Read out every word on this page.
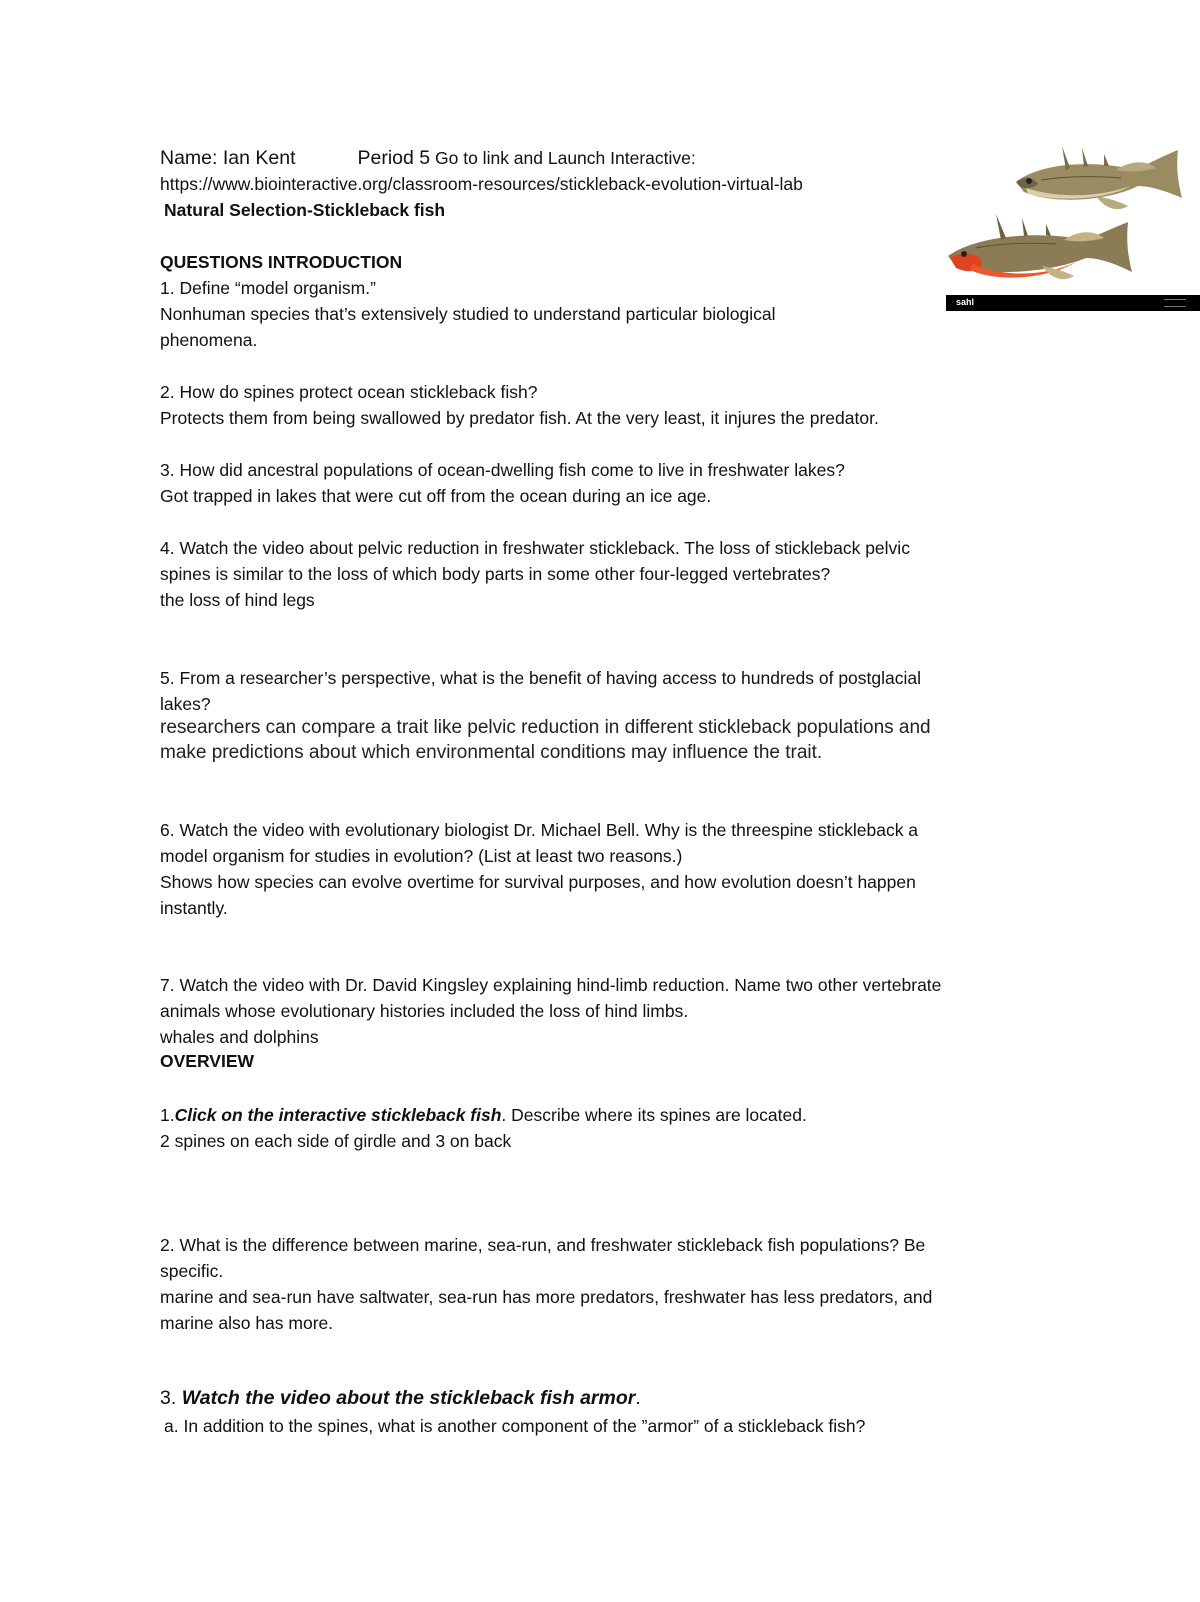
Name: Ian Kent	Period 5 Go to link and Launch Interactive:
https://www.biointeractive.org/classroom-resources/stickleback-evolution-virtual-lab
Natural Selection-Stickleback fish
sahl
QUESTIONS INTRODUCTION
1. Define “model organism.”
Nonhuman species that’s extensively studied to understand particular biological
phenomena.
2. How do spines protect ocean stickleback fish?
Protects them from being swallowed by predator fish. At the very least, it injures the predator.
3. How did ancestral populations of ocean-dwelling fish come to live in freshwater lakes?
Got trapped in lakes that were cut off from the ocean during an ice age.
4. Watch the video about pelvic reduction in freshwater stickleback. The loss of stickleback pelvic
spines is similar to the loss of which body parts in some other four-legged vertebrates?
the loss of hind legs
5. From a researcher’s perspective, what is the benefit of having access to hundreds of postglacial
lakes?
researchers can compare a trait like pelvic reduction in different stickleback populations and
make predictions about which environmental conditions may influence the trait.
6. Watch the video with evolutionary biologist Dr. Michael Bell. Why is the threespine stickleback a
model organism for studies in evolution? (List at least two reasons.)
Shows how species can evolve overtime for survival purposes, and how evolution doesn’t happen
instantly.
7. Watch the video with Dr. David Kingsley explaining hind-limb reduction. Name two other vertebrate
animals whose evolutionary histories included the loss of hind limbs.
whales and dolphins
OVERVIEW
1.Click on the interactive stickleback fish. Describe where its spines are located.
2 spines on each side of girdle and 3 on back
2. What is the difference between marine, sea-run, and freshwater stickleback fish populations? Be
specific.
marine and sea-run have saltwater, sea-run has more predators, freshwater has less predators, and
marine also has more.
3. Watch the video about the stickleback fish armor.
a. In addition to the spines, what is another component of the ”armor” of a stickleback fish?
